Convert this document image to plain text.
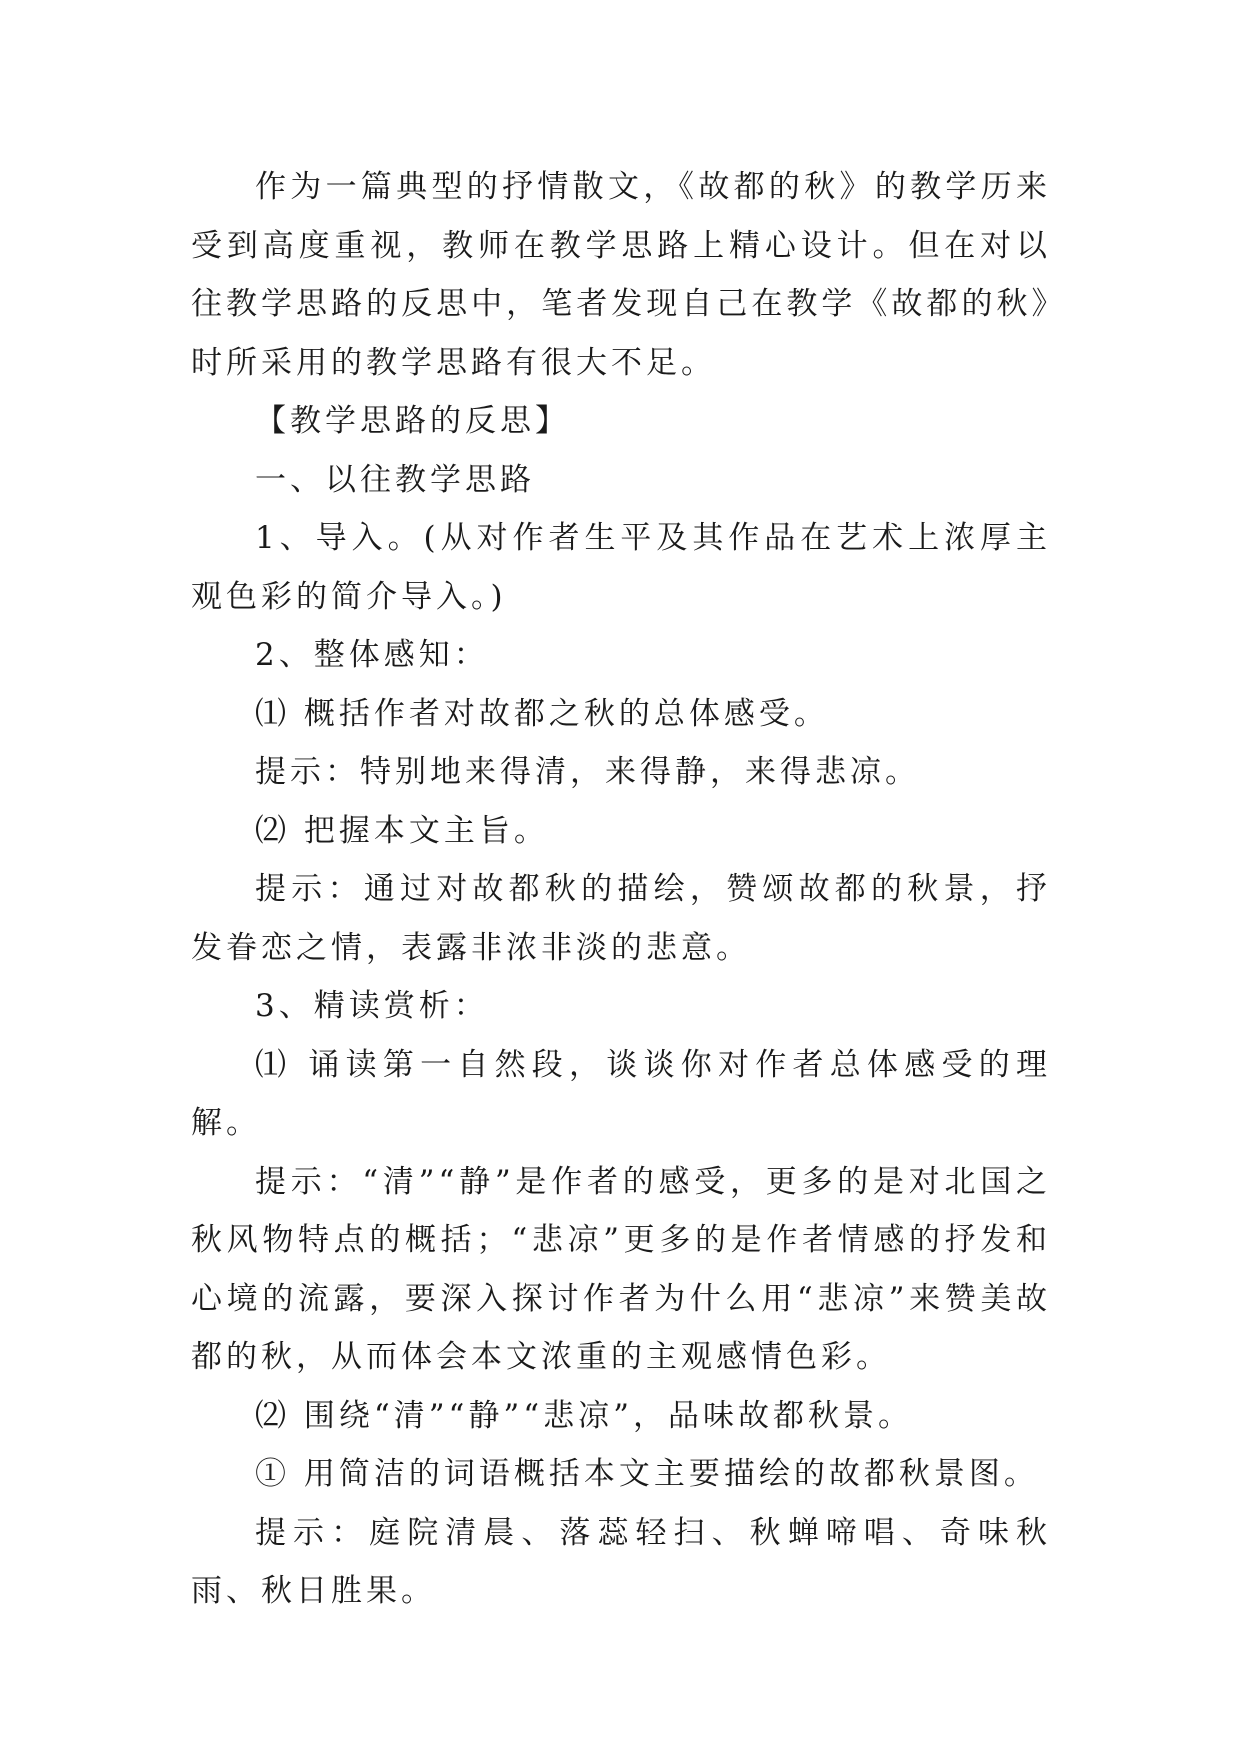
作为一篇典型的抒情散文，《故都的秋》的教学历来受到高度重视，教师在教学思路上精心设计。但在对以往教学思路的反思中，笔者发现自己在教学《故都的秋》时所采用的教学思路有很大不足。

【教学思路的反思】

一、以往教学思路

1、导入。(从对作者生平及其作品在艺术上浓厚主观色彩的简介导入。)

2、整体感知：

⑴ 概括作者对故都之秋的总体感受。

提示：特别地来得清，来得静，来得悲凉。

⑵ 把握本文主旨。

提示：通过对故都秋的描绘，赞颂故都的秋景，抒发眷恋之情，表露非浓非淡的悲意。

3、精读赏析：

⑴ 诵读第一自然段，谈谈你对作者总体感受的理解。

提示：“清”“静”是作者的感受，更多的是对北国之秋风物特点的概括；“悲凉”更多的是作者情感的抒发和心境的流露，要深入探讨作者为什么用“悲凉”来赞美故都的秋，从而体会本文浓重的主观感情色彩。

⑵ 围绕“清”“静”“悲凉”，品味故都秋景。

① 用简洁的词语概括本文主要描绘的故都秋景图。

提示：庭院清晨、落蕊轻扫、秋蝉啼唱、奇味秋雨、秋日胜果。
